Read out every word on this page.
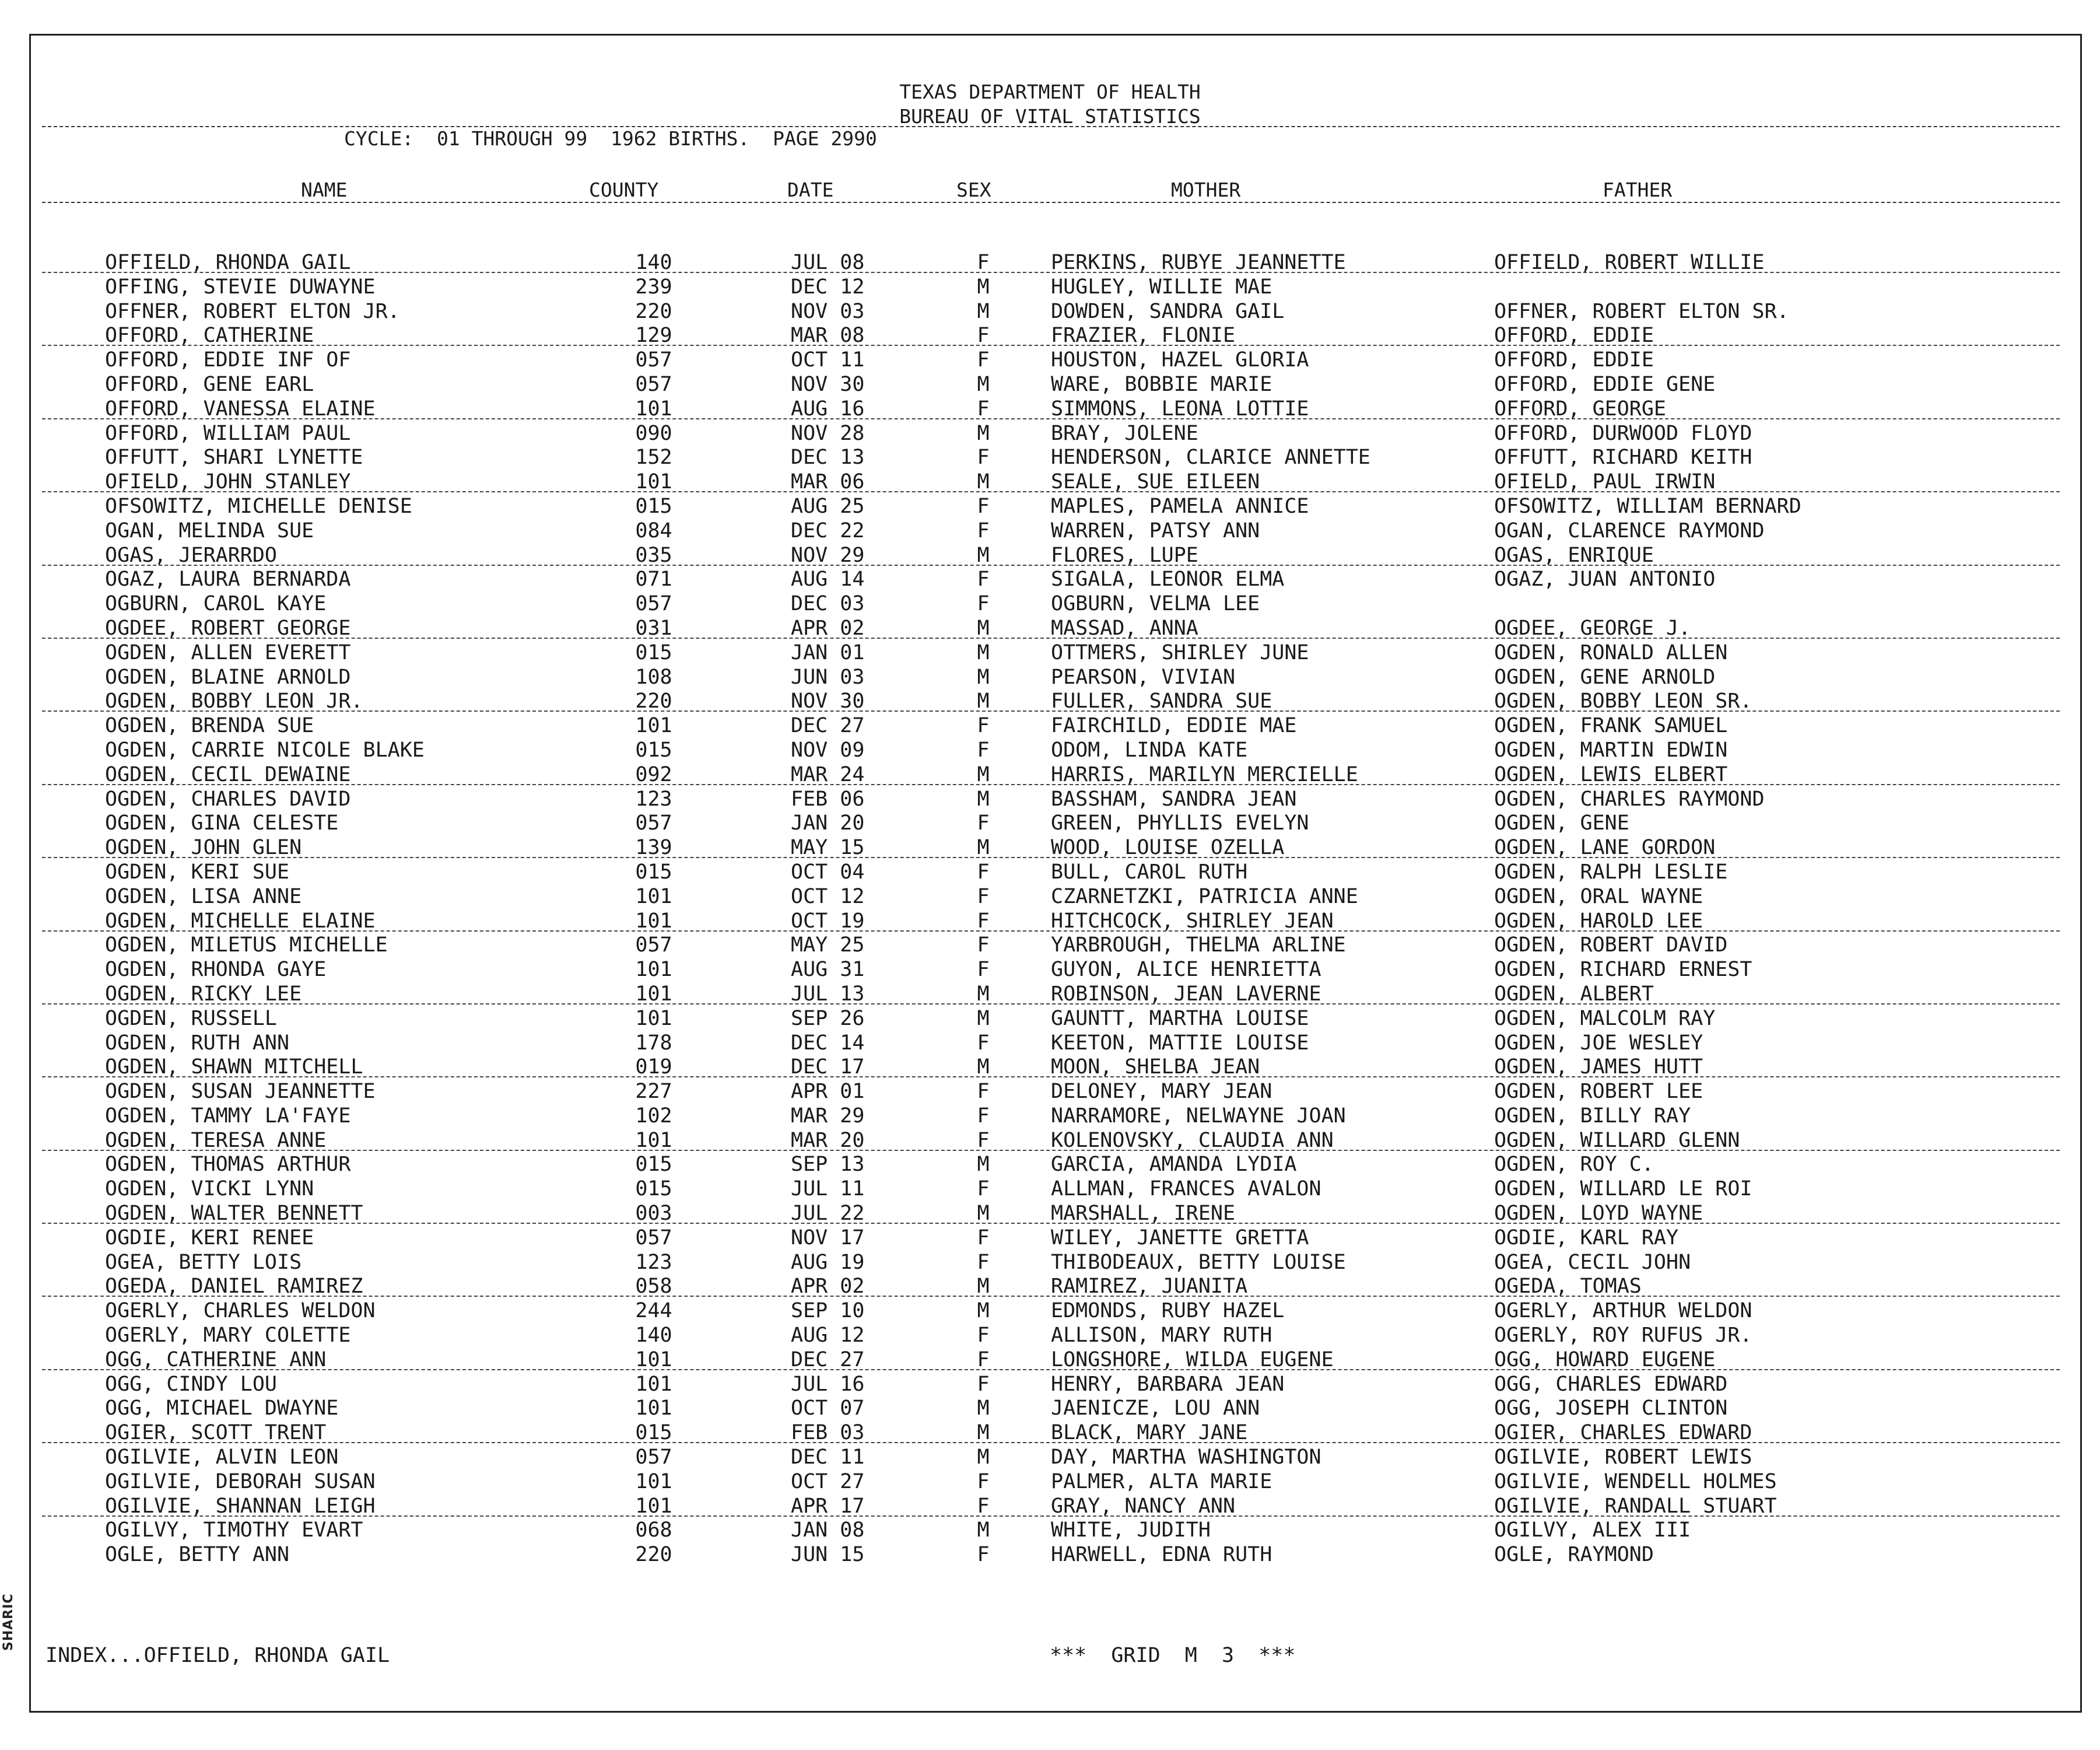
SHARIC
TEXAS DEPARTMENT OF HEALTH
BUREAU OF VITAL STATISTICS
CYCLE:  01 THROUGH 99  1962 BIRTHS.  PAGE 2990
NAME	COUNTY	DATE	SEX	MOTHER	FATHER
OFFIELD, RHONDA GAIL	140	JUL 08	F	PERKINS, RUBYE JEANNETTE	OFFIELD, ROBERT WILLIE
OFFING, STEVIE DUWAYNE	239	DEC 12	M	HUGLEY, WILLIE MAE
OFFNER, ROBERT ELTON JR.	220	NOV 03	M	DOWDEN, SANDRA GAIL	OFFNER, ROBERT ELTON SR.
OFFORD, CATHERINE	129	MAR 08	F	FRAZIER, FLONIE	OFFORD, EDDIE
OFFORD, EDDIE INF OF	057	OCT 11	F	HOUSTON, HAZEL GLORIA	OFFORD, EDDIE
OFFORD, GENE EARL	057	NOV 30	M	WARE, BOBBIE MARIE	OFFORD, EDDIE GENE
OFFORD, VANESSA ELAINE	101	AUG 16	F	SIMMONS, LEONA LOTTIE	OFFORD, GEORGE
OFFORD, WILLIAM PAUL	090	NOV 28	M	BRAY, JOLENE	OFFORD, DURWOOD FLOYD
OFFUTT, SHARI LYNETTE	152	DEC 13	F	HENDERSON, CLARICE ANNETTE	OFFUTT, RICHARD KEITH
OFIELD, JOHN STANLEY	101	MAR 06	M	SEALE, SUE EILEEN	OFIELD, PAUL IRWIN
OFSOWITZ, MICHELLE DENISE	015	AUG 25	F	MAPLES, PAMELA ANNICE	OFSOWITZ, WILLIAM BERNARD
OGAN, MELINDA SUE	084	DEC 22	F	WARREN, PATSY ANN	OGAN, CLARENCE RAYMOND
OGAS, JERARRDO	035	NOV 29	M	FLORES, LUPE	OGAS, ENRIQUE
OGAZ, LAURA BERNARDA	071	AUG 14	F	SIGALA, LEONOR ELMA	OGAZ, JUAN ANTONIO
OGBURN, CAROL KAYE	057	DEC 03	F	OGBURN, VELMA LEE
OGDEE, ROBERT GEORGE	031	APR 02	M	MASSAD, ANNA	OGDEE, GEORGE J.
OGDEN, ALLEN EVERETT	015	JAN 01	M	OTTMERS, SHIRLEY JUNE	OGDEN, RONALD ALLEN
OGDEN, BLAINE ARNOLD	108	JUN 03	M	PEARSON, VIVIAN	OGDEN, GENE ARNOLD
OGDEN, BOBBY LEON JR.	220	NOV 30	M	FULLER, SANDRA SUE	OGDEN, BOBBY LEON SR.
OGDEN, BRENDA SUE	101	DEC 27	F	FAIRCHILD, EDDIE MAE	OGDEN, FRANK SAMUEL
OGDEN, CARRIE NICOLE BLAKE	015	NOV 09	F	ODOM, LINDA KATE	OGDEN, MARTIN EDWIN
OGDEN, CECIL DEWAINE	092	MAR 24	M	HARRIS, MARILYN MERCIELLE	OGDEN, LEWIS ELBERT
OGDEN, CHARLES DAVID	123	FEB 06	M	BASSHAM, SANDRA JEAN	OGDEN, CHARLES RAYMOND
OGDEN, GINA CELESTE	057	JAN 20	F	GREEN, PHYLLIS EVELYN	OGDEN, GENE
OGDEN, JOHN GLEN	139	MAY 15	M	WOOD, LOUISE OZELLA	OGDEN, LANE GORDON
OGDEN, KERI SUE	015	OCT 04	F	BULL, CAROL RUTH	OGDEN, RALPH LESLIE
OGDEN, LISA ANNE	101	OCT 12	F	CZARNETZKI, PATRICIA ANNE	OGDEN, ORAL WAYNE
OGDEN, MICHELLE ELAINE	101	OCT 19	F	HITCHCOCK, SHIRLEY JEAN	OGDEN, HAROLD LEE
OGDEN, MILETUS MICHELLE	057	MAY 25	F	YARBROUGH, THELMA ARLINE	OGDEN, ROBERT DAVID
OGDEN, RHONDA GAYE	101	AUG 31	F	GUYON, ALICE HENRIETTA	OGDEN, RICHARD ERNEST
OGDEN, RICKY LEE	101	JUL 13	M	ROBINSON, JEAN LAVERNE	OGDEN, ALBERT
OGDEN, RUSSELL	101	SEP 26	M	GAUNTT, MARTHA LOUISE	OGDEN, MALCOLM RAY
OGDEN, RUTH ANN	178	DEC 14	F	KEETON, MATTIE LOUISE	OGDEN, JOE WESLEY
OGDEN, SHAWN MITCHELL	019	DEC 17	M	MOON, SHELBA JEAN	OGDEN, JAMES HUTT
OGDEN, SUSAN JEANNETTE	227	APR 01	F	DELONEY, MARY JEAN	OGDEN, ROBERT LEE
OGDEN, TAMMY LA'FAYE	102	MAR 29	F	NARRAMORE, NELWAYNE JOAN	OGDEN, BILLY RAY
OGDEN, TERESA ANNE	101	MAR 20	F	KOLENOVSKY, CLAUDIA ANN	OGDEN, WILLARD GLENN
OGDEN, THOMAS ARTHUR	015	SEP 13	M	GARCIA, AMANDA LYDIA	OGDEN, ROY C.
OGDEN, VICKI LYNN	015	JUL 11	F	ALLMAN, FRANCES AVALON	OGDEN, WILLARD LE ROI
OGDEN, WALTER BENNETT	003	JUL 22	M	MARSHALL, IRENE	OGDEN, LOYD WAYNE
OGDIE, KERI RENEE	057	NOV 17	F	WILEY, JANETTE GRETTA	OGDIE, KARL RAY
OGEA, BETTY LOIS	123	AUG 19	F	THIBODEAUX, BETTY LOUISE	OGEA, CECIL JOHN
OGEDA, DANIEL RAMIREZ	058	APR 02	M	RAMIREZ, JUANITA	OGEDA, TOMAS
OGERLY, CHARLES WELDON	244	SEP 10	M	EDMONDS, RUBY HAZEL	OGERLY, ARTHUR WELDON
OGERLY, MARY COLETTE	140	AUG 12	F	ALLISON, MARY RUTH	OGERLY, ROY RUFUS JR.
OGG, CATHERINE ANN	101	DEC 27	F	LONGSHORE, WILDA EUGENE	OGG, HOWARD EUGENE
OGG, CINDY LOU	101	JUL 16	F	HENRY, BARBARA JEAN	OGG, CHARLES EDWARD
OGG, MICHAEL DWAYNE	101	OCT 07	M	JAENICZE, LOU ANN	OGG, JOSEPH CLINTON
OGIER, SCOTT TRENT	015	FEB 03	M	BLACK, MARY JANE	OGIER, CHARLES EDWARD
OGILVIE, ALVIN LEON	057	DEC 11	M	DAY, MARTHA WASHINGTON	OGILVIE, ROBERT LEWIS
OGILVIE, DEBORAH SUSAN	101	OCT 27	F	PALMER, ALTA MARIE	OGILVIE, WENDELL HOLMES
OGILVIE, SHANNAN LEIGH	101	APR 17	F	GRAY, NANCY ANN	OGILVIE, RANDALL STUART
OGILVY, TIMOTHY EVART	068	JAN 08	M	WHITE, JUDITH	OGILVY, ALEX III
OGLE, BETTY ANN	220	JUN 15	F	HARWELL, EDNA RUTH	OGLE, RAYMOND
INDEX...OFFIELD, RHONDA GAIL	***  GRID  M  3  ***
